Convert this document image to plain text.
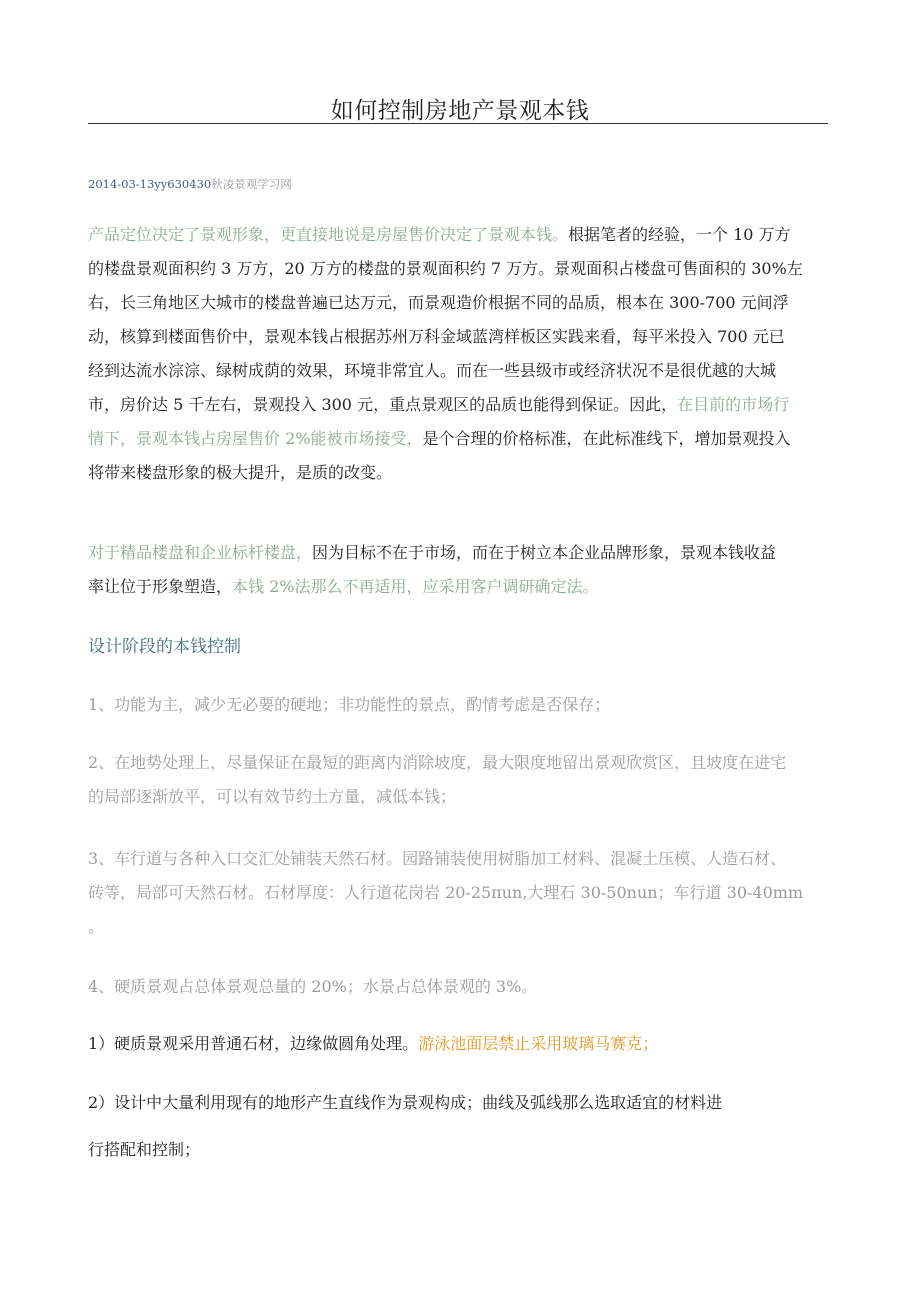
如何控制房地产景观本钱
2014-03-13yy630430秋凌景观学习网
产品定位决定了景观形象，更直接地说是房屋售价决定了景观本钱。根据笔者的经验，一个 10 万方
的楼盘景观面积约 3 万方，20 万方的楼盘的景观面积约 7 万方。景观面积占楼盘可售面积的 30%左
右，长三角地区大城市的楼盘普遍已达万元，而景观造价根据不同的品质，根本在 300-700 元间浮
动，核算到楼面售价中，景观本钱占根据苏州万科金域蓝湾样板区实践来看，每平米投入 700 元已
经到达流水淙淙、绿树成荫的效果，环境非常宜人。而在一些县级市或经济状况不是很优越的大城
市，房价达 5 千左右，景观投入 300 元，重点景观区的品质也能得到保证。因此，在目前的市场行
情下，景观本钱占房屋售价 2%能被市场接受，是个合理的价格标准，在此标准线下，增加景观投入
将带来楼盘形象的极大提升，是质的改变。
对于精品楼盘和企业标杆楼盘，因为目标不在于市场，而在于树立本企业品牌形象，景观本钱收益
率让位于形象塑造，本钱 2%法那么不再适用，应采用客户调研确定法。
设计阶段的本钱控制
1、功能为主，减少无必要的硬地；非功能性的景点，酌情考虑是否保存；
2、在地势处理上，尽量保证在最短的距离内消除坡度，最大限度地留出景观欣赏区，且坡度在进宅
的局部逐渐放平，可以有效节约土方量，减低本钱；
3、车行道与各种入口交汇处铺装天然石材。园路铺装使用树脂加工材料、混凝土压模、人造石材、
砖等，局部可天然石材。石材厚度：人行道花岗岩 20-25πun,大理石 30-50nun；车行道 30-40mm
。
4、硬质景观占总体景观总量的 20%；水景占总体景观的 3%。
1）硬质景观采用普通石材，边缘做圆角处理。游泳池面层禁止采用玻璃马赛克；
2）设计中大量利用现有的地形产生直线作为景观构成；曲线及弧线那么选取适宜的材料进
行搭配和控制；
